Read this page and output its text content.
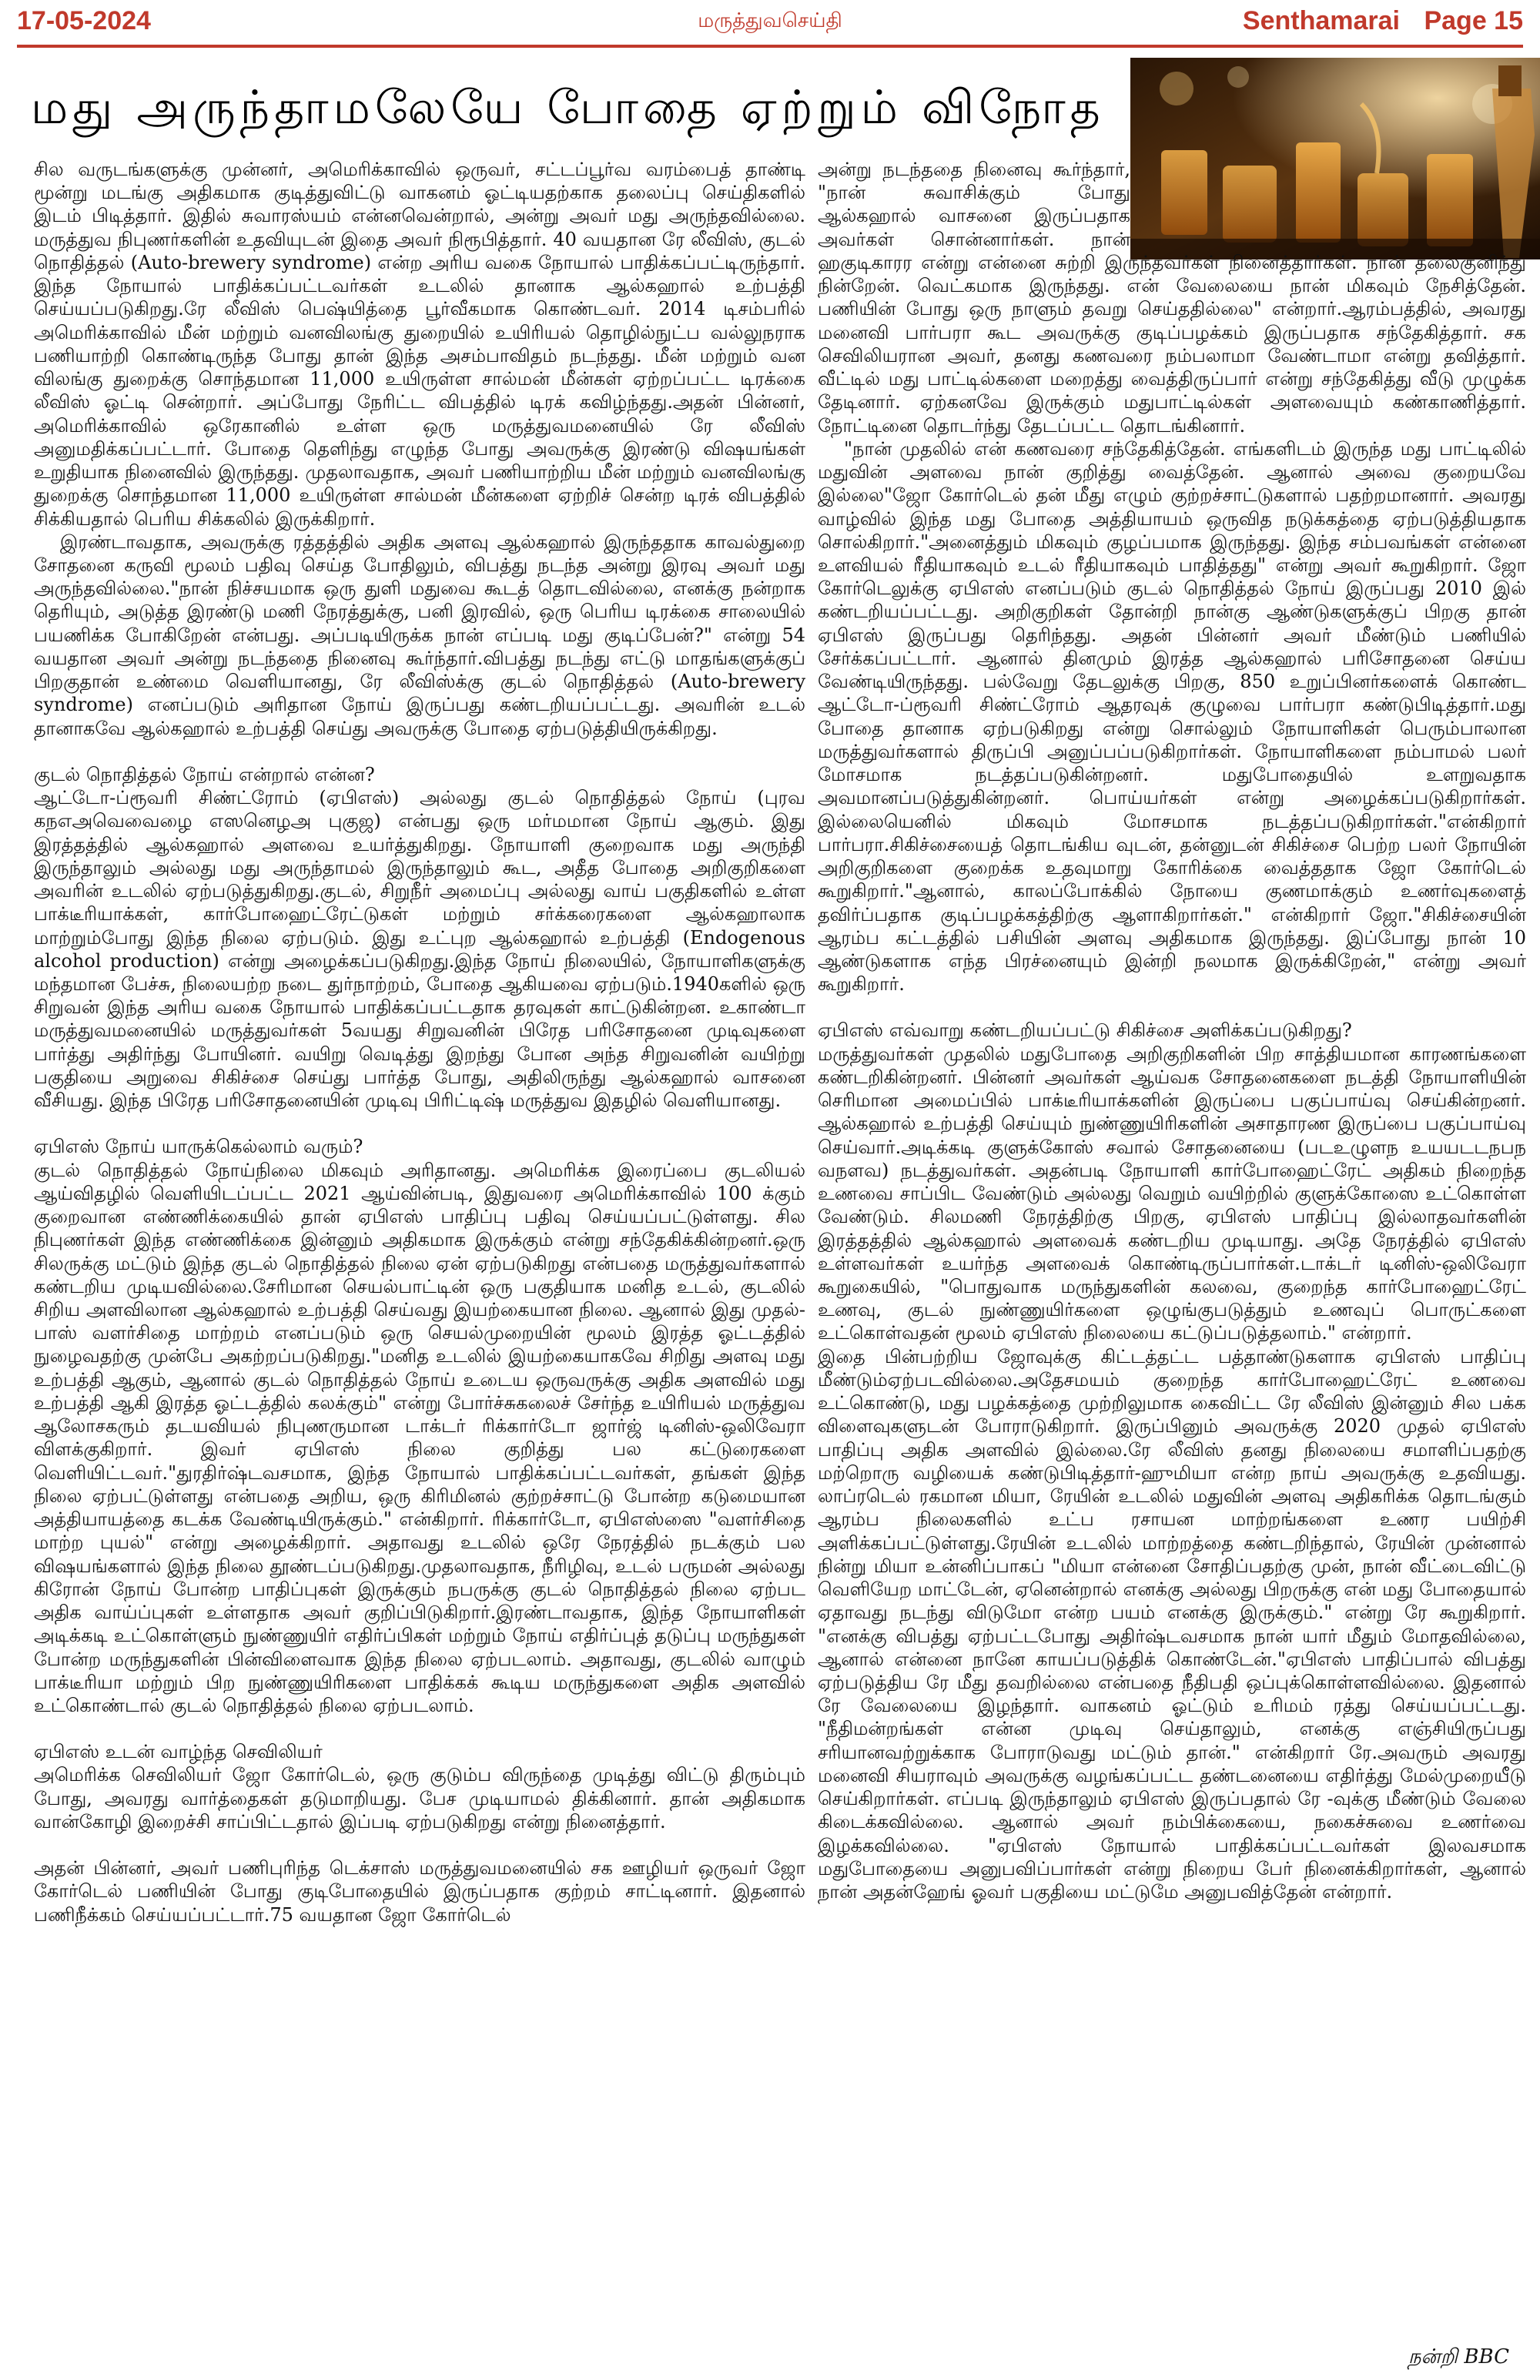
17-05-2024	மருத்துவசெய்தி	Senthamarai Page 15
மது அருந்தாமலேயே போதை ஏற்றும் விநோத

சில வருடங்களுக்கு முன்னர், அமெரிக்காவில் ஒருவர், சட்டப்பூர்வ வரம்பைத் தாண்டி மூன்று மடங்கு அதிகமாக குடித்துவிட்டு வாகனம் ஓட்டியதற்காக தலைப்பு செய்திகளில் இடம் பிடித்தார். இதில் சுவாரஸ்யம் என்னவென்றால், அன்று அவர் மது அருந்தவில்லை. மருத்துவ நிபுணர்களின் உதவியுடன் இதை அவர் நிரூபித்தார். 40 வயதான ரே லீவிஸ், குடல் நொதித்தல் (Auto-brewery syndrome) என்ற அரிய வகை நோயால் பாதிக்கப்பட்டிருந்தார். இந்த நோயால் பாதிக்கப்பட்டவர்கள் உடலில் தானாக ஆல்கஹால் உற்பத்தி செய்யப்படுகிறது.ரே லீவிஸ் பெஷ்யித்தை பூர்வீகமாக கொண்டவர். 2014 டிசம்பரில் அமெரிக்காவில் மீன் மற்றும் வனவிலங்கு துறையில் உயிரியல் தொழில்நுட்ப வல்லுநராக பணியாற்றி கொண்டிருந்த போது தான் இந்த அசம்பாவிதம் நடந்தது. மீன் மற்றும் வன விலங்கு துறைக்கு சொந்தமான 11,000 உயிருள்ள சால்மன் மீன்கள் ஏற்றப்பட்ட டிரக்கை லீவிஸ் ஓட்டி சென்றார். அப்போது நேரிட்ட விபத்தில் டிரக் கவிழ்ந்தது.அதன் பின்னர், அமெரிக்காவில் ஒரேகானில் உள்ள ஒரு மருத்துவமனையில் ரே லீவிஸ் அனுமதிக்கப்பட்டார். போதை தெளிந்து எழுந்த போது அவருக்கு இரண்டு விஷயங்கள் உறுதியாக நினைவில் இருந்தது. முதலாவதாக, அவர் பணியாற்றிய மீன் மற்றும் வனவிலங்கு துறைக்கு சொந்தமான 11,000 உயிருள்ள சால்மன் மீன்களை ஏற்றிச் சென்ற டிரக் விபத்தில் சிக்கியதால் பெரிய சிக்கலில் இருக்கிறார்.

இரண்டாவதாக, அவருக்கு ரத்தத்தில் அதிக அளவு ஆல்கஹால் இருந்ததாக காவல்துறை சோதனை கருவி மூலம் பதிவு செய்த போதிலும், விபத்து நடந்த அன்று இரவு அவர் மது அருந்தவில்லை."நான் நிச்சயமாக ஒரு துளி மதுவை கூடத் தொடவில்லை, எனக்கு நன்றாக தெரியும், அடுத்த இரண்டு மணி நேரத்துக்கு, பனி இரவில், ஒரு பெரிய டிரக்கை சாலையில் பயணிக்க போகிறேன் என்பது. அப்படியிருக்க நான் எப்படி மது குடிப்பேன்?" என்று 54 வயதான அவர் அன்று நடந்ததை நினைவு கூர்ந்தார்.விபத்து நடந்து எட்டு மாதங்களுக்குப் பிறகுதான் உண்மை வெளியானது, ரே லீவிஸ்க்கு குடல் நொதித்தல் (Auto-brewery syndrome) எனப்படும் அரிதான நோய் இருப்பது கண்டறியப்பட்டது. அவரின் உடல் தானாகவே ஆல்கஹால் உற்பத்தி செய்து அவருக்கு போதை ஏற்படுத்தியிருக்கிறது.

குடல் நொதித்தல் நோய் என்றால் என்ன?

ஆட்டோ-ப்ரூவரி சிண்ட்ரோம் (ஏபிஎஸ்) அல்லது குடல் நொதித்தல் நோய் (புரவ கநஎஅவெவைழை எஸனெழஅ புகுஜ) என்பது ஒரு மர்மமான நோய் ஆகும். இது இரத்தத்தில் ஆல்கஹால் அளவை உயர்த்துகிறது. நோயாளி குறைவாக மது அருந்தி இருந்தாலும் அல்லது மது அருந்தாமல் இருந்தாலும் கூட, அதீத போதை அறிகுறிகளை அவரின் உடலில் ஏற்படுத்துகிறது.குடல், சிறுநீர் அமைப்பு அல்லது வாய் பகுதிகளில் உள்ள பாக்டீரியாக்கள், கார்போஹைட்ரேட்டுகள் மற்றும் சர்க்கரைகளை ஆல்கஹாலாக மாற்றும்போது இந்த நிலை ஏற்படும். இது உட்புற ஆல்கஹால் உற்பத்தி (Endogenous alcohol production) என்று அழைக்கப்படுகிறது.இந்த நோய் நிலையில், நோயாளிகளுக்கு மந்தமான பேச்சு, நிலையற்ற நடை துர்நாற்றம், போதை ஆகியவை ஏற்படும்.1940களில் ஒரு சிறுவன் இந்த அரிய வகை நோயால் பாதிக்கப்பட்டதாக தரவுகள் காட்டுகின்றன. உகாண்டா மருத்துவமனையில் மருத்துவர்கள் 5வயது சிறுவனின் பிரேத பரிசோதனை முடிவுகளை பார்த்து அதிர்ந்து போயினர். வயிறு வெடித்து இறந்து போன அந்த சிறுவனின் வயிற்று பகுதியை அறுவை சிகிச்சை செய்து பார்த்த போது, அதிலிருந்து ஆல்கஹால் வாசனை வீசியது. இந்த பிரேத பரிசோதனையின் முடிவு பிரிட்டிஷ் மருத்துவ இதழில் வெளியானது.

ஏபிஎஸ் நோய் யாருக்கெல்லாம் வரும்?

குடல் நொதித்தல் நோய்நிலை மிகவும் அரிதானது. அமெரிக்க இரைப்பை குடலியல் ஆய்விதழில் வெளியிடப்பட்ட 2021 ஆய்வின்படி, இதுவரை அமெரிக்காவில் 100 க்கும் குறைவான எண்ணிக்கையில் தான் ஏபிஎஸ் பாதிப்பு பதிவு செய்யப்பட்டுள்ளது. சில நிபுணர்கள் இந்த எண்ணிக்கை இன்னும் அதிகமாக இருக்கும் என்று சந்தேகிக்கின்றனர்.ஒரு சிலருக்கு மட்டும் இந்த குடல் நொதித்தல் நிலை ஏன் ஏற்படுகிறது என்பதை மருத்துவர்களால் கண்டறிய முடியவில்லை.சேரிமான செயல்பாட்டின் ஒரு பகுதியாக மனித உடல், குடலில் சிறிய அளவிலான ஆல்கஹால் உற்பத்தி செய்வது இயற்கையான நிலை. ஆனால் இது முதல்-பாஸ் வளர்சிதை மாற்றம் எனப்படும் ஒரு செயல்முறையின் மூலம் இரத்த ஓட்டத்தில் நுழைவதற்கு முன்பே அகற்றப்படுகிறது."மனித உடலில் இயற்கையாகவே சிறிது அளவு மது உற்பத்தி ஆகும், ஆனால் குடல் நொதித்தல் நோய் உடைய ஒருவருக்கு அதிக அளவில் மது உற்பத்தி ஆகி இரத்த ஓட்டத்தில் கலக்கும்" என்று போர்ச்சுகலைச் சேர்ந்த உயிரியல் மருத்துவ ஆலோசகரும் தடயவியல் நிபுணருமான டாக்டர் ரிக்கார்டோ ஜார்ஜ் டினிஸ்-ஒலிவேரா விளக்குகிறார். இவர் ஏபிஎஸ் நிலை குறித்து பல கட்டுரைகளை வெளியிட்டவர்."துரதிர்ஷ்டவசமாக, இந்த நோயால் பாதிக்கப்பட்டவர்கள், தங்கள் இந்த நிலை ஏற்பட்டுள்ளது என்பதை அறிய, ஒரு கிரிமினல் குற்றச்சாட்டு போன்ற கடுமையான அத்தியாயத்தை கடக்க வேண்டியிருக்கும்." என்கிறார். ரிக்கார்டோ, ஏபிஎஸ்ஸை "வளர்சிதை மாற்ற புயல்" என்று அழைக்கிறார். அதாவது உடலில் ஒரே நேரத்தில் நடக்கும் பல விஷயங்களால் இந்த நிலை தூண்டப்படுகிறது.முதலாவதாக, நீரிழிவு, உடல் பருமன் அல்லது கிரோன் நோய் போன்ற பாதிப்புகள் இருக்கும் நபருக்கு குடல் நொதித்தல் நிலை ஏற்பட அதிக வாய்ப்புகள் உள்ளதாக அவர் குறிப்பிடுகிறார்.இரண்டாவதாக, இந்த நோயாளிகள் அடிக்கடி உட்கொள்ளும் நுண்ணுயிர் எதிர்ப்பிகள் மற்றும் நோய் எதிர்ப்புத் தடுப்பு மருந்துகள் போன்ற மருந்துகளின் பின்விளைவாக இந்த நிலை ஏற்படலாம். அதாவது, குடலில் வாழும் பாக்டீரியா மற்றும் பிற நுண்ணுயிரிகளை பாதிக்கக் கூடிய மருந்துகளை அதிக அளவில் உட்கொண்டால் குடல் நொதித்தல் நிலை ஏற்படலாம்.

ஏபிஎஸ் உடன் வாழ்ந்த செவிலியர்

அமெரிக்க செவிலியர் ஜோ கோர்டெல், ஒரு குடும்ப விருந்தை முடித்து விட்டு திரும்பும் போது, அவரது வார்த்தைகள் தடுமாறியது. பேச முடியாமல் திக்கினார். தான் அதிகமாக வான்கோழி இறைச்சி சாப்பிட்டதால் இப்படி ஏற்படுகிறது என்று நினைத்தார்.

அதன் பின்னர், அவர் பணிபுரிந்த டெக்சாஸ் மருத்துவமனையில் சக ஊழியர் ஒருவர் ஜோ கோர்டெல் பணியின் போது குடிபோதையில் இருப்பதாக குற்றம் சாட்டினார். இதனால் பணிநீக்கம் செய்யப்பட்டார்.75 வயதான ஜோ கோர்டெல்

அன்று நடந்ததை நினைவு கூர்ந்தார், "நான் சுவாசிக்கும் போது ஆல்கஹால் வாசனை இருப்பதாக அவர்கள் சொன்னார்கள். நான் ஹகுடிகாரர என்று என்னை சுற்றி இருந்தவர்கள் நினைத்தார்கள். நான் தலைகுனிந்து நின்றேன். வெட்கமாக இருந்தது. என் வேலையை நான் மிகவும் நேசித்தேன். பணியின் போது ஒரு நாளும் தவறு செய்ததில்லை" என்றார்.ஆரம்பத்தில், அவரது மனைவி பார்பரா கூட அவருக்கு குடிப்பழக்கம் இருப்பதாக சந்தேகித்தார். சக செவிலியரான அவர், தனது கணவரை நம்பலாமா வேண்டாமா என்று தவித்தார். வீட்டில் மது பாட்டில்களை மறைத்து வைத்திருப்பார் என்று சந்தேகித்து வீடு முழுக்க தேடினார். ஏற்கனவே இருக்கும் மதுபாட்டில்கள் அளவையும் கண்காணித்தார். நோட்டினை தொடர்ந்து தேடப்பட்ட தொடங்கினார்.

"நான் முதலில் என் கணவரை சந்தேகித்தேன். எங்களிடம் இருந்த மது பாட்டிலில் மதுவின் அளவை நான் குறித்து வைத்தேன். ஆனால் அவை குறையவே இல்லை"ஜோ கோர்டெல் தன் மீது எழும் குற்றச்சாட்டுகளால் பதற்றமானார். அவரது வாழ்வில் இந்த மது போதை அத்தியாயம் ஒருவித நடுக்கத்தை ஏற்படுத்தியதாக சொல்கிறார்."அனைத்தும் மிகவும் குழப்பமாக இருந்தது. இந்த சம்பவங்கள் என்னை உளவியல் ரீதியாகவும் உடல் ரீதியாகவும் பாதித்தது" என்று அவர் கூறுகிறார். ஜோ கோர்டெலுக்கு ஏபிஎஸ் எனப்படும் குடல் நொதித்தல் நோய் இருப்பது 2010 இல் கண்டறியப்பட்டது. அறிகுறிகள் தோன்றி நான்கு ஆண்டுகளுக்குப் பிறகு தான் ஏபிஎஸ் இருப்பது தெரிந்தது. அதன் பின்னர் அவர் மீண்டும் பணியில் சேர்க்கப்பட்டார். ஆனால் தினமும் இரத்த ஆல்கஹால் பரிசோதனை செய்ய வேண்டியிருந்தது. பல்வேறு தேடலுக்கு பிறகு, 850 உறுப்பினர்களைக் கொண்ட ஆட்டோ-ப்ரூவரி சிண்ட்ரோம் ஆதரவுக் குழுவை பார்பரா கண்டுபிடித்தார்.மது போதை தானாக ஏற்படுகிறது என்று சொல்லும் நோயாளிகள் பெரும்பாலான மருத்துவர்களால் திருப்பி அனுப்பப்படுகிறார்கள். நோயாளிகளை நம்பாமல் பலர் மோசமாக நடத்தப்படுகின்றனர். மதுபோதையில் உளறுவதாக அவமானப்படுத்துகின்றனர். பொய்யர்கள் என்று அழைக்கப்படுகிறார்கள். இல்லையெனில் மிகவும் மோசமாக நடத்தப்படுகிறார்கள்."என்கிறார் பார்பரா.சிகிச்சையைத் தொடங்கிய வுடன், தன்னுடன் சிகிச்சை பெற்ற பலர் நோயின் அறிகுறிகளை குறைக்க உதவுமாறு கோரிக்கை வைத்ததாக ஜோ கோர்டெல் கூறுகிறார்."ஆனால், காலப்போக்கில் நோயை குணமாக்கும் உணர்வுகளைத் தவிர்ப்பதாக குடிப்பழக்கத்திற்கு ஆளாகிறார்கள்." என்கிறார் ஜோ."சிகிச்சையின் ஆரம்ப கட்டத்தில் பசியின் அளவு அதிகமாக இருந்தது. இப்போது நான் 10 ஆண்டுகளாக எந்த பிரச்னையும் இன்றி நலமாக இருக்கிறேன்," என்று அவர் கூறுகிறார்.

ஏபிஎஸ் எவ்வாறு கண்டறியப்பட்டு சிகிச்சை அளிக்கப்படுகிறது?

மருத்துவர்கள் முதலில் மதுபோதை அறிகுறிகளின் பிற சாத்தியமான காரணங்களை கண்டறிகின்றனர். பின்னர் அவர்கள் ஆய்வக சோதனைகளை நடத்தி நோயாளியின் செரிமான அமைப்பில் பாக்டீரியாக்களின் இருப்பை பகுப்பாய்வு செய்கின்றனர். ஆல்கஹால் உற்பத்தி செய்யும் நுண்ணுயிரிகளின் அசாதாரண இருப்பை பகுப்பாய்வு செய்வார்.அடிக்கடி குளுக்கோஸ் சவால் சோதனையை (படஉழுளந உயயடடநபந வநளவ) நடத்துவர்கள். அதன்படி நோயாளி கார்போஹைட்ரேட் அதிகம் நிறைந்த உணவை சாப்பிட வேண்டும் அல்லது வெறும் வயிற்றில் குளுக்கோஸை உட்கொள்ள வேண்டும். சிலமணி நேரத்திற்கு பிறகு, ஏபிஎஸ் பாதிப்பு இல்லாதவர்களின் இரத்தத்தில் ஆல்கஹால் அளவைக் கண்டறிய முடியாது. அதே நேரத்தில் ஏபிஎஸ் உள்ளவர்கள் உயர்ந்த அளவைக் கொண்டிருப்பார்கள்.டாக்டர் டினிஸ்-ஒலிவேரா கூறுகையில், "பொதுவாக மருந்துகளின் கலவை, குறைந்த கார்போஹைட்ரேட் உணவு, குடல் நுண்ணுயிர்களை ஒழுங்குபடுத்தும் உணவுப் பொருட்களை உட்கொள்வதன் மூலம் ஏபிஎஸ் நிலையை கட்டுப்படுத்தலாம்." என்றார்.

இதை பின்பற்றிய ஜோவுக்கு கிட்டத்தட்ட பத்தாண்டுகளாக ஏபிஎஸ் பாதிப்பு மீண்டும்ஏற்படவில்லை.அதேசமயம் குறைந்த கார்போஹைட்ரேட் உணவை உட்கொண்டு, மது பழக்கத்தை முற்றிலுமாக கைவிட்ட ரே லீவிஸ் இன்னும் சில பக்க விளைவுகளுடன் போராடுகிறார். இருப்பினும் அவருக்கு 2020 முதல் ஏபிஎஸ் பாதிப்பு அதிக அளவில் இல்லை.ரே லீவிஸ் தனது நிலையை சமாளிப்பதற்கு மற்றொரு வழியைக் கண்டுபிடித்தார்-ஹுமியா என்ற நாய் அவருக்கு உதவியது. லாப்ரடெல் ரகமான மியா, ரேயின் உடலில் மதுவின் அளவு அதிகரிக்க தொடங்கும் ஆரம்ப நிலைகளில் உட்ப ரசாயன மாற்றங்களை உணர பயிற்சி அளிக்கப்பட்டுள்ளது.ரேயின் உடலில் மாற்றத்தை கண்டறிந்தால், ரேயின் முன்னால் நின்று மியா உன்னிப்பாகப் "மியா என்னை சோதிப்பதற்கு முன், நான் வீட்டைவிட்டு வெளியேற மாட்டேன், ஏனென்றால் எனக்கு அல்லது பிறருக்கு என் மது போதையால் ஏதாவது நடந்து விடுமோ என்ற பயம் எனக்கு இருக்கும்." என்று ரே கூறுகிறார். "எனக்கு விபத்து ஏற்பட்டபோது அதிர்ஷ்டவசமாக நான் யார் மீதும் மோதவில்லை, ஆனால் என்னை நானே காயப்படுத்திக் கொண்டேன்."ஏபிஎஸ் பாதிப்பால் விபத்து ஏற்படுத்திய ரே மீது தவறில்லை என்பதை நீதிபதி ஒப்புக்கொள்ளவில்லை. இதனால் ரே வேலையை இழந்தார். வாகனம் ஓட்டும் உரிமம் ரத்து செய்யப்பட்டது. "நீதிமன்றங்கள் என்ன முடிவு செய்தாலும், எனக்கு எஞ்சியிருப்பது சரியானவற்றுக்காக போராடுவது மட்டும் தான்." என்கிறார் ரே.அவரும் அவரது மனைவி சியராவும் அவருக்கு வழங்கப்பட்ட தண்டனையை எதிர்த்து மேல்முறையீடு செய்கிறார்கள். எப்படி இருந்தாலும் ஏபிஎஸ் இருப்பதால் ரே -வுக்கு மீண்டும் வேலை கிடைக்கவில்லை. ஆனால் அவர் நம்பிக்கையை, நகைச்சுவை உணர்வை இழக்கவில்லை. "ஏபிஎஸ் நோயால் பாதிக்கப்பட்டவர்கள் இலவசமாக மதுபோதையை அனுபவிப்பார்கள் என்று நிறைய பேர் நினைக்கிறார்கள், ஆனால் நான் அதன்ஹேங் ஓவர் பகுதியை மட்டுமே அனுபவித்தேன் என்றார்.

நன்றி BBC
